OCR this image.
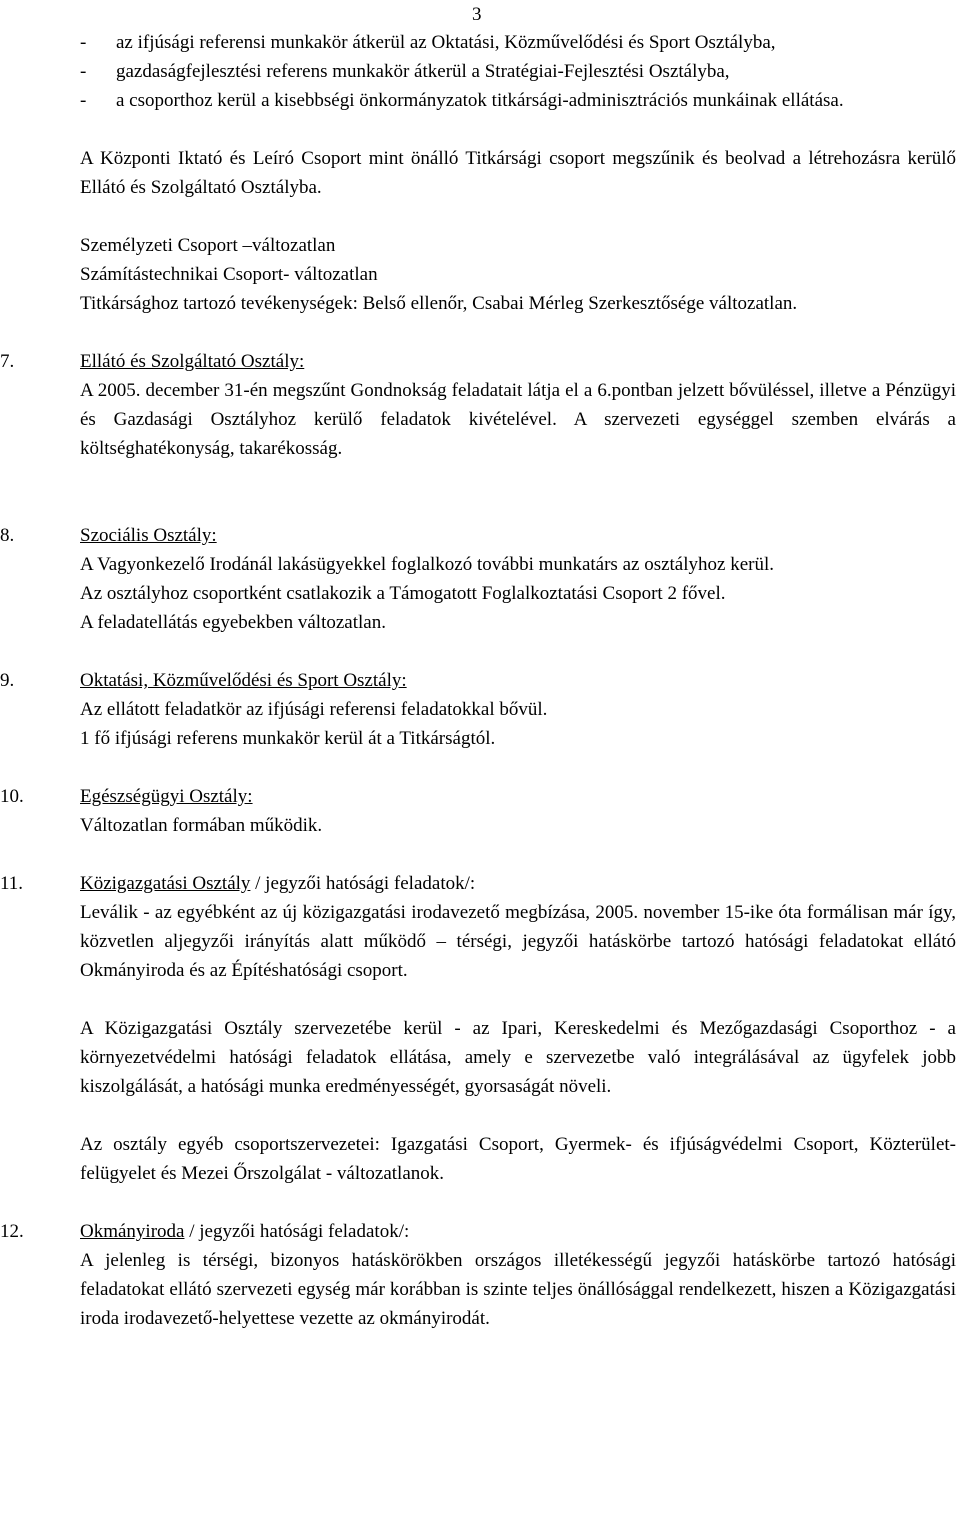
3
- az ifjúsági referensi munkakör átkerül az Oktatási, Közművelődési és Sport Osztályba,
- gazdaságfejlesztési referens munkakör átkerül a Stratégiai-Fejlesztési Osztályba,
- a csoporthoz kerül a kisebbségi önkormányzatok titkársági-adminisztrációs munkáinak ellátása.

A Központi Iktató és Leíró Csoport mint önálló Titkársági csoport megszűnik és beolvad a létrehozásra kerülő Ellátó és Szolgáltató Osztályba.

Személyzeti Csoport –változatlan
Számítástechnikai Csoport- változatlan

Titkársághoz tartozó tevékenységek: Belső ellenőr, Csabai Mérleg Szerkesztősége változatlan.

7.	Ellátó és Szolgáltató Osztály:

A 2005. december 31-én megszűnt Gondnokság feladatait látja el a 6.pontban jelzett bővüléssel, illetve a Pénzügyi és Gazdasági Osztályhoz kerülő feladatok kivételével. A szervezeti egységgel szemben elvárás a költséghatékonyság, takarékosság.

8.	Szociális Osztály:

A Vagyonkezelő Irodánál lakásügyekkel foglalkozó további munkatárs az osztályhoz kerül.

Az osztályhoz csoportként csatlakozik a Támogatott Foglalkoztatási Csoport 2 fővel.
A feladatellátás egyebekben változatlan.
9.	Oktatási, Közművelődési és Sport Osztály:
Az ellátott feladatkör az ifjúsági referensi feladatokkal bővül.
1 fő ifjúsági referens munkakör kerül át a Titkárságtól.
10.	Egészségügyi Osztály:
Változatlan formában működik.
11.	Közigazgatási Osztály / jegyzői hatósági feladatok/:

Leválik - az egyébként az új közigazgatási irodavezető megbízása, 2005. november 15-ike óta formálisan már így, közvetlen aljegyzői irányítás alatt működő – térségi, jegyzői hatáskörbe tartozó hatósági feladatokat ellátó Okmányiroda és az Építéshatósági csoport.

A Közigazgatási Osztály szervezetébe kerül - az Ipari, Kereskedelmi és Mezőgazdasági Csoporthoz - a környezetvédelmi hatósági feladatok ellátása, amely e szervezetbe való integrálásával az ügyfelek jobb kiszolgálását, a hatósági munka eredményességét, gyorsaságát növeli.

Az osztály egyéb csoportszervezetei: Igazgatási Csoport, Gyermek- és ifjúságvédelmi Csoport, Közterület-felügyelet és Mezei Őrszolgálat - változatlanok.

12.	Okmányiroda / jegyzői hatósági feladatok/:

A jelenleg is térségi, bizonyos hatáskörökben országos illetékességű jegyzői hatáskörbe tartozó hatósági feladatokat ellátó szervezeti egység már korábban is szinte teljes önállósággal rendelkezett, hiszen a Közigazgatási iroda irodavezető-helyettese vezette az okmányirodát.
